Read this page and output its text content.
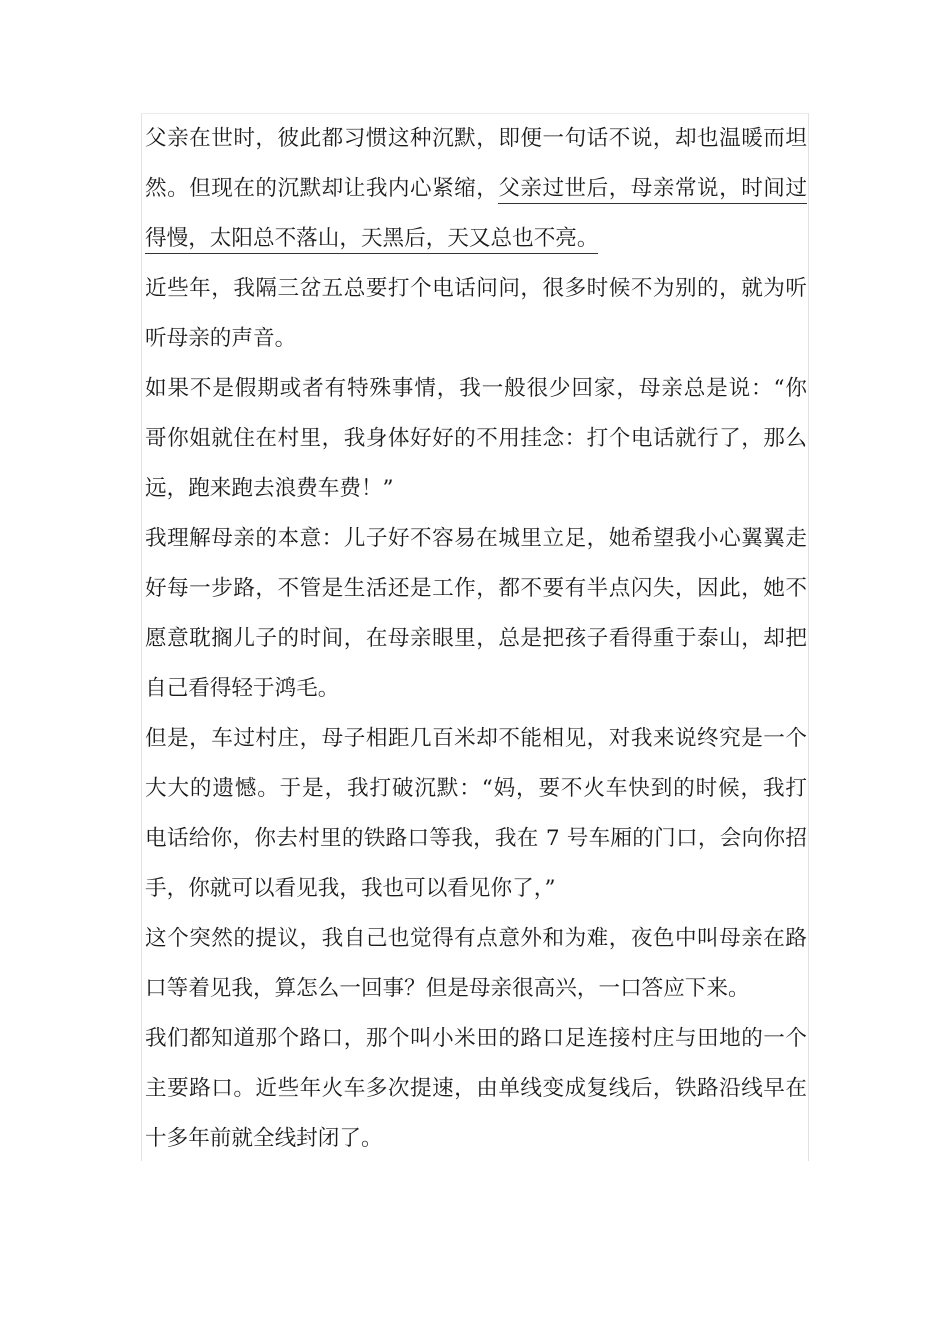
父亲在世时，彼此都习惯这种沉默，即便一句话不说，却也温暖而坦
然。但现在的沉默却让我内心紧缩，父亲过世后，母亲常说，时间过
得慢，太阳总不落山，天黑后，天又总也不亮。
近些年，我隔三岔五总要打个电话问问，很多时候不为别的，就为听
听母亲的声音。
如果不是假期或者有特殊事情，我一般很少回家，母亲总是说：“你
哥你姐就住在村里，我身体好好的不用挂念：打个电话就行了，那么
远，跑来跑去浪费车费！”
我理解母亲的本意：儿子好不容易在城里立足，她希望我小心翼翼走
好每一步路，不管是生活还是工作，都不要有半点闪失，因此，她不
愿意耽搁儿子的时间，在母亲眼里，总是把孩子看得重于泰山，却把
自己看得轻于鸿毛。
但是，车过村庄，母子相距几百米却不能相见，对我来说终究是一个
大大的遗憾。于是，我打破沉默：“妈，要不火车快到的时候，我打
电话给你，你去村里的铁路口等我，我在 7 号车厢的门口，会向你招
手，你就可以看见我，我也可以看见你了，”
这个突然的提议，我自己也觉得有点意外和为难，夜色中叫母亲在路
口等着见我，算怎么一回事？但是母亲很高兴，一口答应下来。
我们都知道那个路口，那个叫小米田的路口足连接村庄与田地的一个
主要路口。近些年火车多次提速，由单线变成复线后，铁路沿线早在
十多年前就全线封闭了。
